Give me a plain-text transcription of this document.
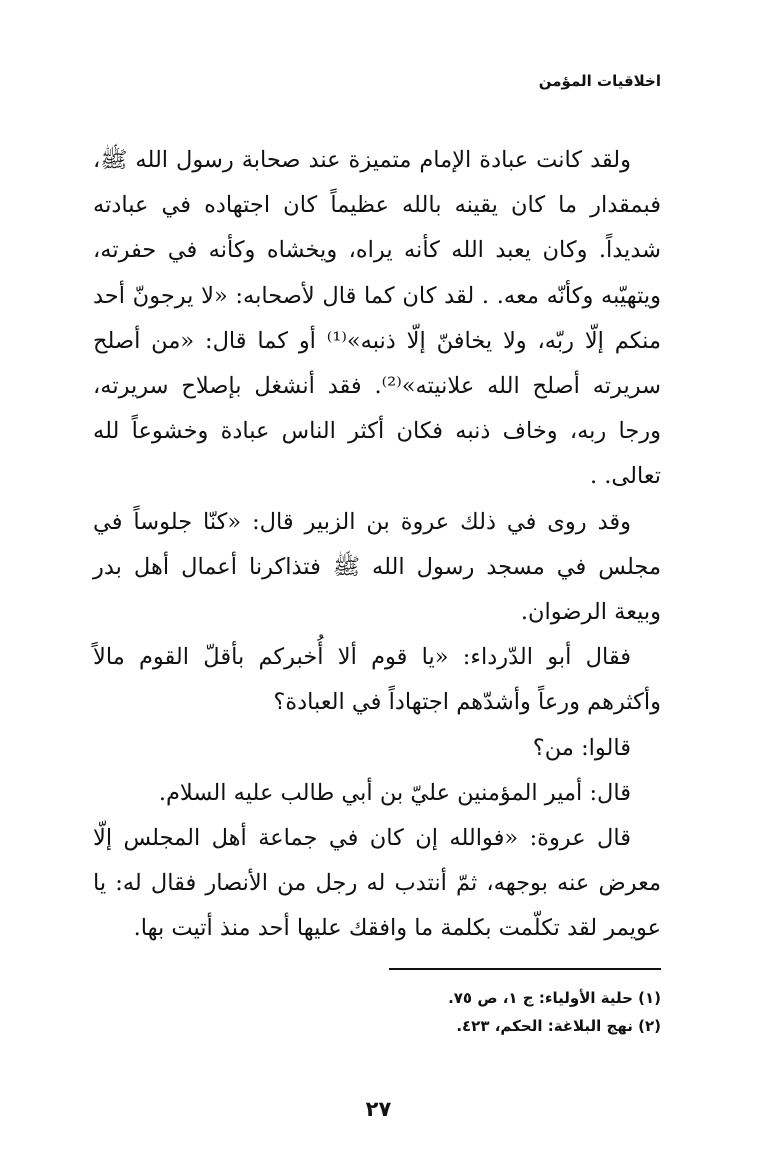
اخلاقيات المؤمن

ولقد كانت عبادة الإمام متميزة عند صحابة رسول الله ﷺ، فبمقدار ما كان يقينه بالله عظيماً كان اجتهاده في عبادته شديداً. وكان يعبد الله كأنه يراه، ويخشاه وكأنه في حفرته، ويتهيّبه وكأنّه معه. . لقد كان كما قال لأصحابه: «لا يرجونّ أحد منكم إلّا ربّه، ولا يخافنّ إلّا ذنبه»⁽¹⁾ أو كما قال: «من أصلح سريرته أصلح الله علانيته»⁽²⁾. فقد أنشغل بإصلاح سريرته، ورجا ربه، وخاف ذنبه فكان أكثر الناس عبادة وخشوعاً لله تعالى. .

وقد روى في ذلك عروة بن الزبير قال: «كنّا جلوساً في مجلس في مسجد رسول الله ﷺ فتذاكرنا أعمال أهل بدر وبيعة الرضوان.

فقال أبو الدّرداء: «يا قوم ألا أُخبركم بأقلّ القوم مالاً وأكثرهم ورعاً وأشدّهم اجتهاداً في العبادة؟

قالوا: من؟

قال: أمير المؤمنين عليّ بن أبي طالب عليه السلام.

قال عروة: «فوالله إن كان في جماعة أهل المجلس إلّا معرض عنه بوجهه، ثمّ أنتدب له رجل من الأنصار فقال له: يا عويمر لقد تكلّمت بكلمة ما وافقك عليها أحد منذ أتيت بها.

(١) حلية الأولياء: ج ١، ص ٧٥.
(٢) نهج البلاغة: الحكم، ٤٢٣.
٢٧
